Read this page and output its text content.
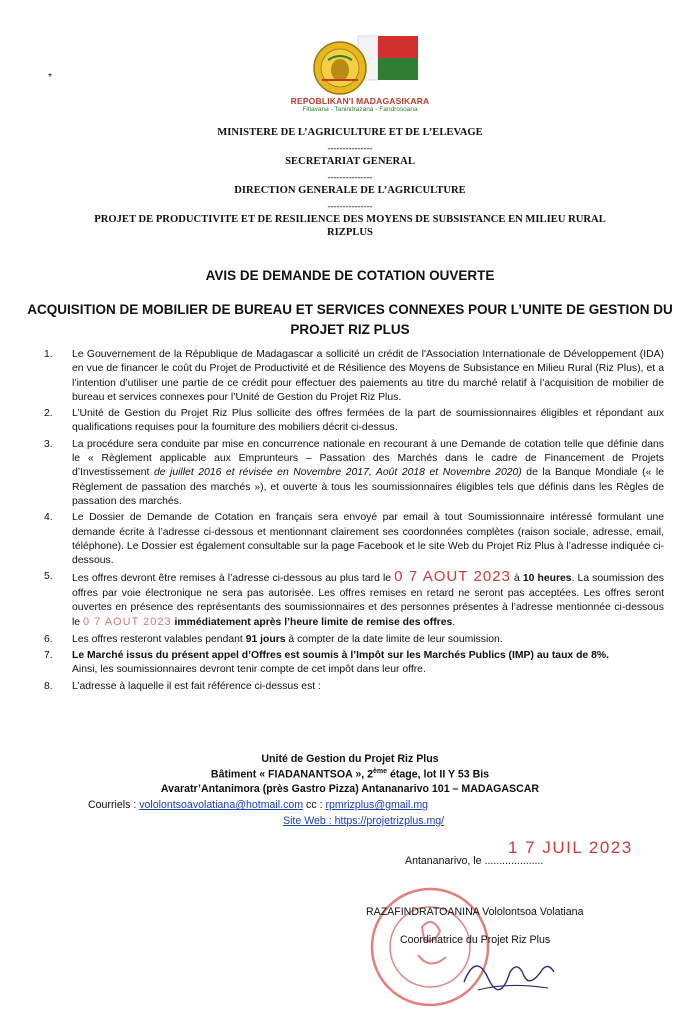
*
REPOBLIKAN'I MADAGASIKARA
Fitiavana - Tanindrazana - Fandrosoana
MINISTERE DE L’AGRICULTURE ET DE L’ELEVAGE
---------------
SECRETARIAT GENERAL
---------------
DIRECTION GENERALE DE L’AGRICULTURE
---------------
PROJET DE PRODUCTIVITE ET DE RESILIENCE DES MOYENS DE SUBSISTANCE EN MILIEU RURAL
RIZPLUS
AVIS DE DEMANDE DE COTATION OUVERTE
ACQUISITION DE MOBILIER DE BUREAU ET SERVICES CONNEXES POUR L’UNITE DE GESTION DU
PROJET RIZ PLUS
1. Le Gouvernement de la République de Madagascar a sollicité un crédit de l'Association Internationale de Développement (IDA) en vue de financer le coût du Projet de Productivité et de Résilience des Moyens de Subsistance en Milieu Rural (Riz Plus), et a l’intention d’utiliser une partie de ce crédit pour effectuer des paiements au titre du marché relatif à l’acquisition de mobilier de bureau et services connexes pour l’Unité de Gestion du Projet Riz Plus.

2. L’Unité de Gestion du Projet Riz Plus sollicite des offres fermées de la part de soumissionnaires éligibles et répondant aux qualifications requises pour la fourniture des mobiliers décrit ci-dessus.

3. La procédure sera conduite par mise en concurrence nationale en recourant à une Demande de cotation telle que définie dans le « Règlement applicable aux Emprunteurs – Passation des Marchés dans le cadre de Financement de Projets d’Investissement de juillet 2016 et révisée en Novembre 2017, Août 2018 et Novembre 2020) de la Banque Mondiale (« le Règlement de passation des marchés »), et ouverte à tous les soumissionnaires éligibles tels que définis dans les Règles de passation des marchés.

4. Le Dossier de Demande de Cotation en français sera envoyé par email à tout Soumissionnaire intéressé formulant une demande écrite à l’adresse ci-dessous et mentionnant clairement ses coordonnées complètes (raison sociale, adresse, email, téléphone). Le Dossier est également consultable sur la page Facebook et le site Web du Projet Riz Plus à l’adresse indiquée ci-dessous.

5. Les offres devront être remises à l’adresse ci-dessous au plus tard le 0 7 AOUT 2023 à 10 heures. La soumission des offres par voie électronique ne sera pas autorisée. Les offres remises en retard ne seront pas acceptées. Les offres seront ouvertes en présence des représentants des soumissionnaires et des personnes présentes à l’adresse mentionnée ci-dessous le 0 7 AOUT 2023 immédiatement après l’heure limite de remise des offres.

6. Les offres resteront valables pendant 91 jours à compter de la date limite de leur soumission.

7. Le Marché issus du présent appel d’Offres est soumis à l’Impôt sur les Marchés Publics (IMP) au taux de 8%.
Ainsi, les soumissionnaires devront tenir compte de cet impôt dans leur offre.

8. L’adresse à laquelle il est fait référence ci-dessus est :

Unité de Gestion du Projet Riz Plus
Bâtiment « FIADANANTSOA », 2ème étage, lot II Y 53 Bis
Avaratr’Antanimora (près Gastro Pizza) Antananarivo 101 – MADAGASCAR
Courriels : vololontsoavolatiana@hotmail.com cc : rpmrizplus@gmail.mg
Site Web : https://projetrizplus.mg/
Antananarivo, le ....................
1 7 JUIL 2023
RAZAFINDRATOANINA Vololontsoa Volatiana
Coordinatrice du Projet Riz Plus
